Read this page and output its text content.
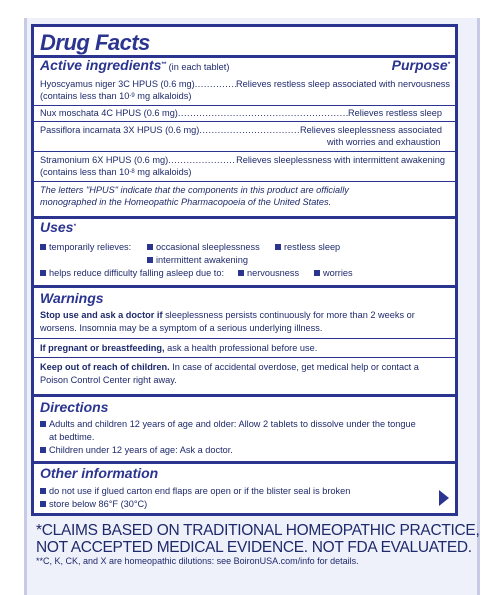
Drug Facts
Active ingredients** (in each tablet)	Purpose*
Hyoscyamus niger 3C HPUS (0.6 mg) .....	Relieves restless sleep associated with nervousness
(contains less than $10^{-9}$ mg alkaloids)
Nux moschata 4C HPUS (0.6 mg) .....	Relieves restless sleep
Passiflora incarnata 3X HPUS (0.6 mg) .....	Relieves sleeplessness associated
with worries and exhaustion
Stramonium 6X HPUS (0.6 mg) .....	Relieves sleeplessness with intermittent awakening
(contains less than $10^{-8}$ mg alkaloids)
The letters "HPUS" indicate that the components in this product are officially
monographed in the Homeopathic Pharmacopoeia of the United States.
Uses*
temporarily relieves:	occasional sleeplessness	restless sleep
intermittent awakening
helps reduce difficulty falling asleep due to:	nervousness	worries
Warnings
Stop use and ask a doctor if sleeplessness persists continuously for more than 2 weeks or
worsens. Insomnia may be a symptom of a serious underlying illness.
If pregnant or breastfeeding, ask a health professional before use.
Keep out of reach of children. In case of accidental overdose, get medical help or contact a
Poison Control Center right away.
Directions
Adults and children 12 years of age and older: Allow 2 tablets to dissolve under the tongue
at bedtime.
Children under 12 years of age: Ask a doctor.
Other information
do not use if glued carton end flaps are open or if the blister seal is broken
store below 86°F (30°C)
*CLAIMS BASED ON TRADITIONAL HOMEOPATHIC PRACTICE,
NOT ACCEPTED MEDICAL EVIDENCE. NOT FDA EVALUATED.
**C, K, CK, and X are homeopathic dilutions: see BoironUSA.com/info for details.
